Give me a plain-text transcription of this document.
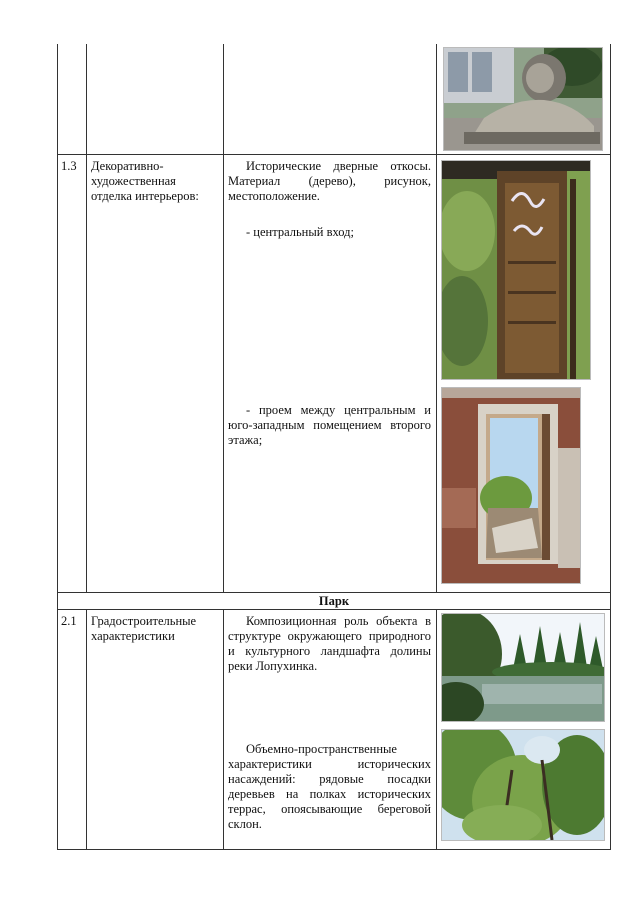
1.3 Декоративно-художественная отделка интерьеров:
Исторические дверные откосы. Материал (дерево), рисунок, местоположение.
- центральный вход;
- проем между центральным и юго-западным помещением второго этажа;
Парк
2.1 Градостроительные характеристики
Композиционная роль объекта в структуре окружающего природного и культурного ландшафта долины реки Лопухинка.
Объемно-пространственные характеристики исторических насаждений: рядовые посадки деревьев на полках исторических террас, опоясывающие береговой склон.
